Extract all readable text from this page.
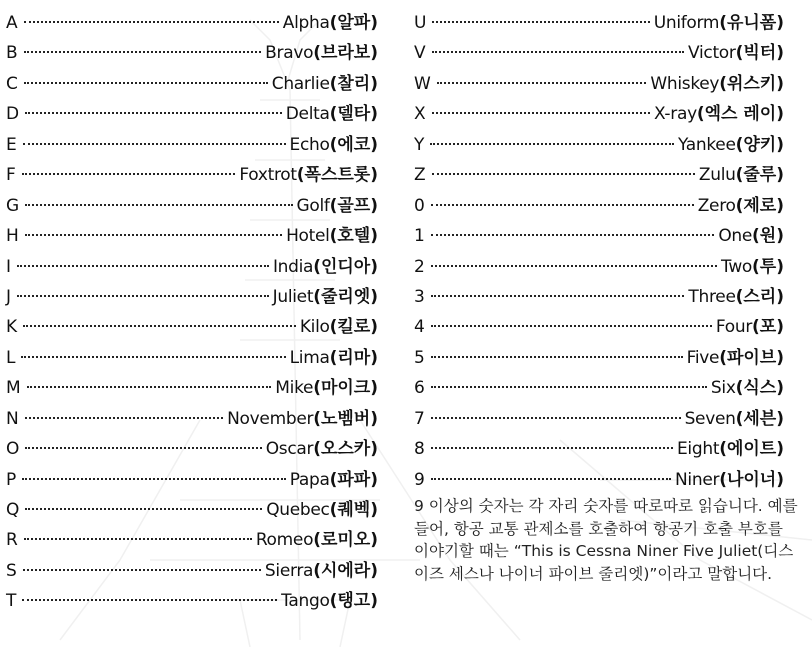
A	Alpha (알파)
B	Bravo (브라보)
C	Charlie (찰리)
D	Delta (델타)
E	Echo (에코)
F	Foxtrot (폭스트롯)
G	Golf (골프)
H	Hotel (호텔)
I	India (인디아)
J	Juliet (줄리엣)
K	Kilo (킬로)
L	Lima (리마)
M	Mike (마이크)
N	November (노벰버)
O	Oscar (오스카)
P	Papa (파파)
Q	Quebec (퀘벡)
R	Romeo (로미오)
S	Sierra (시에라)
T	Tango (탱고)
U	Uniform (유니폼)
V	Victor (빅터)
W	Whiskey (위스키)
X	X-ray (엑스 레이)
Y	Yankee (양키)
Z	Zulu (줄루)
0	Zero (제로)
1	One (원)
2	Two (투)
3	Three (스리)
4	Four (포)
5	Five (파이브)
6	Six (식스)
7	Seven (세븐)
8	Eight (에이트)
9	Niner (나이너)
9 이상의 숫자는 각 자리 숫자를 따로따로 읽습니다. 예를 들어, 항공 교통 관제소를 호출하여 항공기 호출 부호를 이야기할 때는 “This is Cessna Niner Five Juliet(디스 이즈 세스나 나이너 파이브 줄리엣)”이라고 말합니다.
